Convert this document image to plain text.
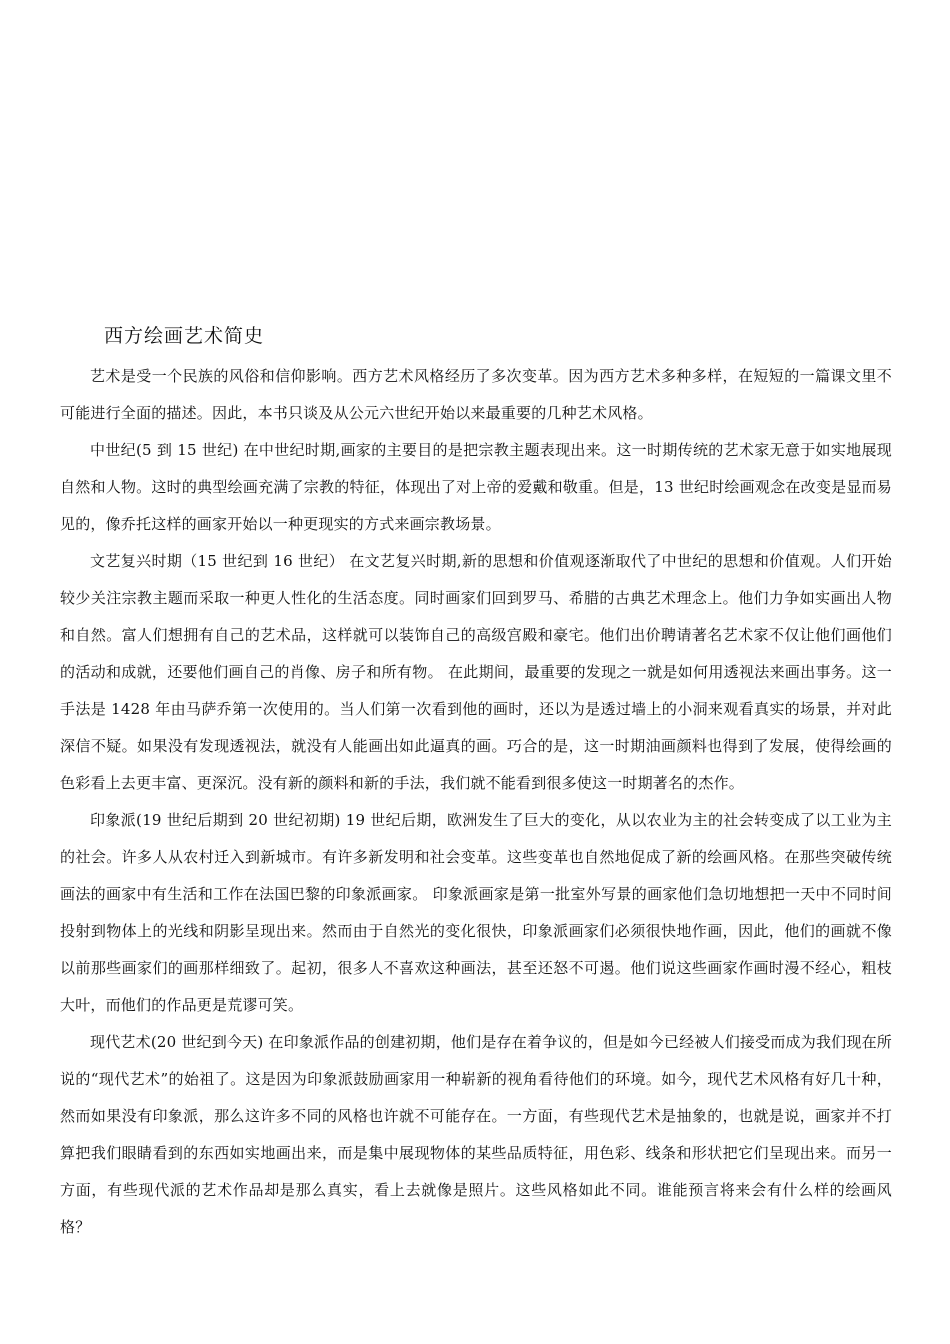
西方绘画艺术简史

艺术是受一个民族的风俗和信仰影响。西方艺术风格经历了多次变革。因为西方艺术多种多样，在短短的一篇课文里不可能进行全面的描述。因此，本书只谈及从公元六世纪开始以来最重要的几种艺术风格。

中世纪(5 到 15 世纪) 在中世纪时期,画家的主要目的是把宗教主题表现出来。这一时期传统的艺术家无意于如实地展现自然和人物。这时的典型绘画充满了宗教的特征，体现出了对上帝的爱戴和敬重。但是，13 世纪时绘画观念在改变是显而易见的，像乔托这样的画家开始以一种更现实的方式来画宗教场景。

文艺复兴时期（15 世纪到 16 世纪） 在文艺复兴时期,新的思想和价值观逐渐取代了中世纪的思想和价值观。人们开始较少关注宗教主题而采取一种更人性化的生活态度。同时画家们回到罗马、希腊的古典艺术理念上。他们力争如实画出人物和自然。富人们想拥有自己的艺术品，这样就可以装饰自己的高级宫殿和豪宅。他们出价聘请著名艺术家不仅让他们画他们的活动和成就，还要他们画自己的肖像、房子和所有物。 在此期间，最重要的发现之一就是如何用透视法来画出事务。这一手法是 1428 年由马萨乔第一次使用的。当人们第一次看到他的画时，还以为是透过墙上的小洞来观看真实的场景，并对此深信不疑。如果没有发现透视法，就没有人能画出如此逼真的画。巧合的是，这一时期油画颜料也得到了发展，使得绘画的色彩看上去更丰富、更深沉。没有新的颜料和新的手法，我们就不能看到很多使这一时期著名的杰作。

印象派(19 世纪后期到 20 世纪初期) 19 世纪后期，欧洲发生了巨大的变化，从以农业为主的社会转变成了以工业为主的社会。许多人从农村迁入到新城市。有许多新发明和社会变革。这些变革也自然地促成了新的绘画风格。在那些突破传统画法的画家中有生活和工作在法国巴黎的印象派画家。 印象派画家是第一批室外写景的画家他们急切地想把一天中不同时间投射到物体上的光线和阴影呈现出来。然而由于自然光的变化很快，印象派画家们必须很快地作画，因此，他们的画就不像以前那些画家们的画那样细致了。起初，很多人不喜欢这种画法，甚至还怒不可遏。他们说这些画家作画时漫不经心，粗枝大叶，而他们的作品更是荒谬可笑。

现代艺术(20 世纪到今天) 在印象派作品的创建初期，他们是存在着争议的，但是如今已经被人们接受而成为我们现在所说的“现代艺术”的始祖了。这是因为印象派鼓励画家用一种崭新的视角看待他们的环境。如今，现代艺术风格有好几十种，然而如果没有印象派，那么这许多不同的风格也许就不可能存在。一方面，有些现代艺术是抽象的，也就是说，画家并不打算把我们眼睛看到的东西如实地画出来，而是集中展现物体的某些品质特征，用色彩、线条和形状把它们呈现出来。而另一方面，有些现代派的艺术作品却是那么真实，看上去就像是照片。这些风格如此不同。谁能预言将来会有什么样的绘画风格？
